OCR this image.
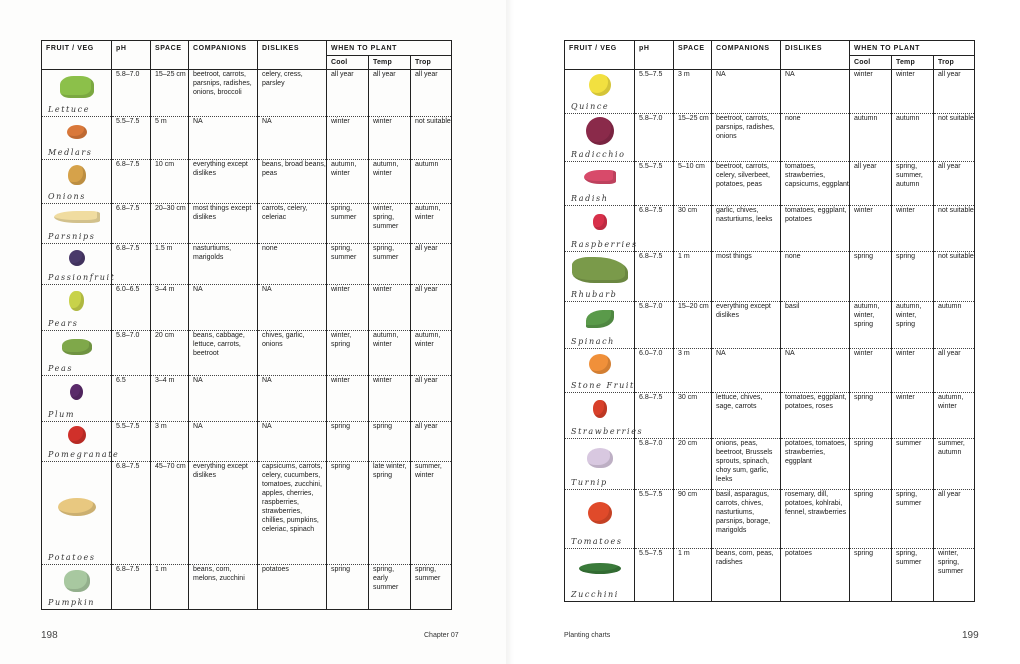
FRUIT / VEG	pH	SPACE	COMPANIONS	DISLIKES	WHEN TO PLANT		
					Cool	Temp	Trop

Lettuce	5.8–7.0	15–25 cm	beetroot, carrots, parsnips, radishes, onions, broccoli	celery, cress, parsley	all year	all year	all year

Medlars	5.5–7.5	5 m	NA	NA	winter	winter	not suitable

Onions	6.8–7.5	10 cm	everything except dislikes	beans, broad beans, peas	autumn, winter	autumn, winter	autumn

Parsnips	6.8–7.5	20–30 cm	most things except dislikes	carrots, celery, celeriac	spring, summer	winter, spring, summer	autumn, winter

Passionfruit	6.8–7.5	1.5 m	nasturtiums, marigolds	none	spring, summer	spring, summer	all year

Pears	6.0–6.5	3–4 m	NA	NA	winter	winter	all year

Peas	5.8–7.0	20 cm	beans, cabbage, lettuce, carrots, beetroot	chives, garlic, onions	winter, spring	autumn, winter	autumn, winter

Plum	6.5	3–4 m	NA	NA	winter	winter	all year

Pomegranate	5.5–7.5	3 m	NA	NA	spring	spring	all year

Potatoes	6.8–7.5	45–70 cm	everything except dislikes	capsicums, carrots, celery, cucumbers, tomatoes, zucchini, apples, cherries, raspberries, strawberries, chillies, pumpkins, celeriac, spinach	spring	late winter, spring	summer, winter

Pumpkin	6.8–7.5	1 m	beans, corn, melons, zucchini	potatoes	spring	spring, early summer	spring, summer
FRUIT / VEG	pH	SPACE	COMPANIONS	DISLIKES	WHEN TO PLANT		
					Cool	Temp	Trop

Quince	5.5–7.5	3 m	NA	NA	winter	winter	all year

Radicchio	5.8–7.0	15–25 cm	beetroot, carrots, parsnips, radishes, onions	none	autumn	autumn	not suitable

Radish	5.5–7.5	5–10 cm	beetroot, carrots, celery, silverbeet, potatoes, peas	tomatoes, strawberries, capsicums, eggplant	all year	spring, summer, autumn	all year

Raspberries	6.8–7.5	30 cm	garlic, chives, nasturtiums, leeks	tomatoes, eggplant, potatoes	winter	winter	not suitable

Rhubarb	6.8–7.5	1 m	most things	none	spring	spring	not suitable

Spinach	5.8–7.0	15–20 cm	everything except dislikes	basil	autumn, winter, spring	autumn, winter, spring	autumn

Stone Fruit	6.0–7.0	3 m	NA	NA	winter	winter	all year

Strawberries	6.8–7.5	30 cm	lettuce, chives, sage, carrots	tomatoes, eggplant, potatoes, roses	spring	winter	autumn, winter

Turnip	5.8–7.0	20 cm	onions, peas, beetroot, Brussels sprouts, spinach, choy sum, garlic, leeks	potatoes, tomatoes, strawberries, eggplant	spring	summer	summer, autumn

Tomatoes	5.5–7.5	90 cm	basil, asparagus, carrots, chives, nasturtiums, parsnips, borage, marigolds	rosemary, dill, potatoes, kohlrabi, fennel, strawberries	spring	spring, summer	all year

Zucchini	5.5–7.5	1 m	beans, corn, peas, radishes	potatoes	spring	spring, summer	winter, spring, summer
198	Chapter 07	Planting charts	199
